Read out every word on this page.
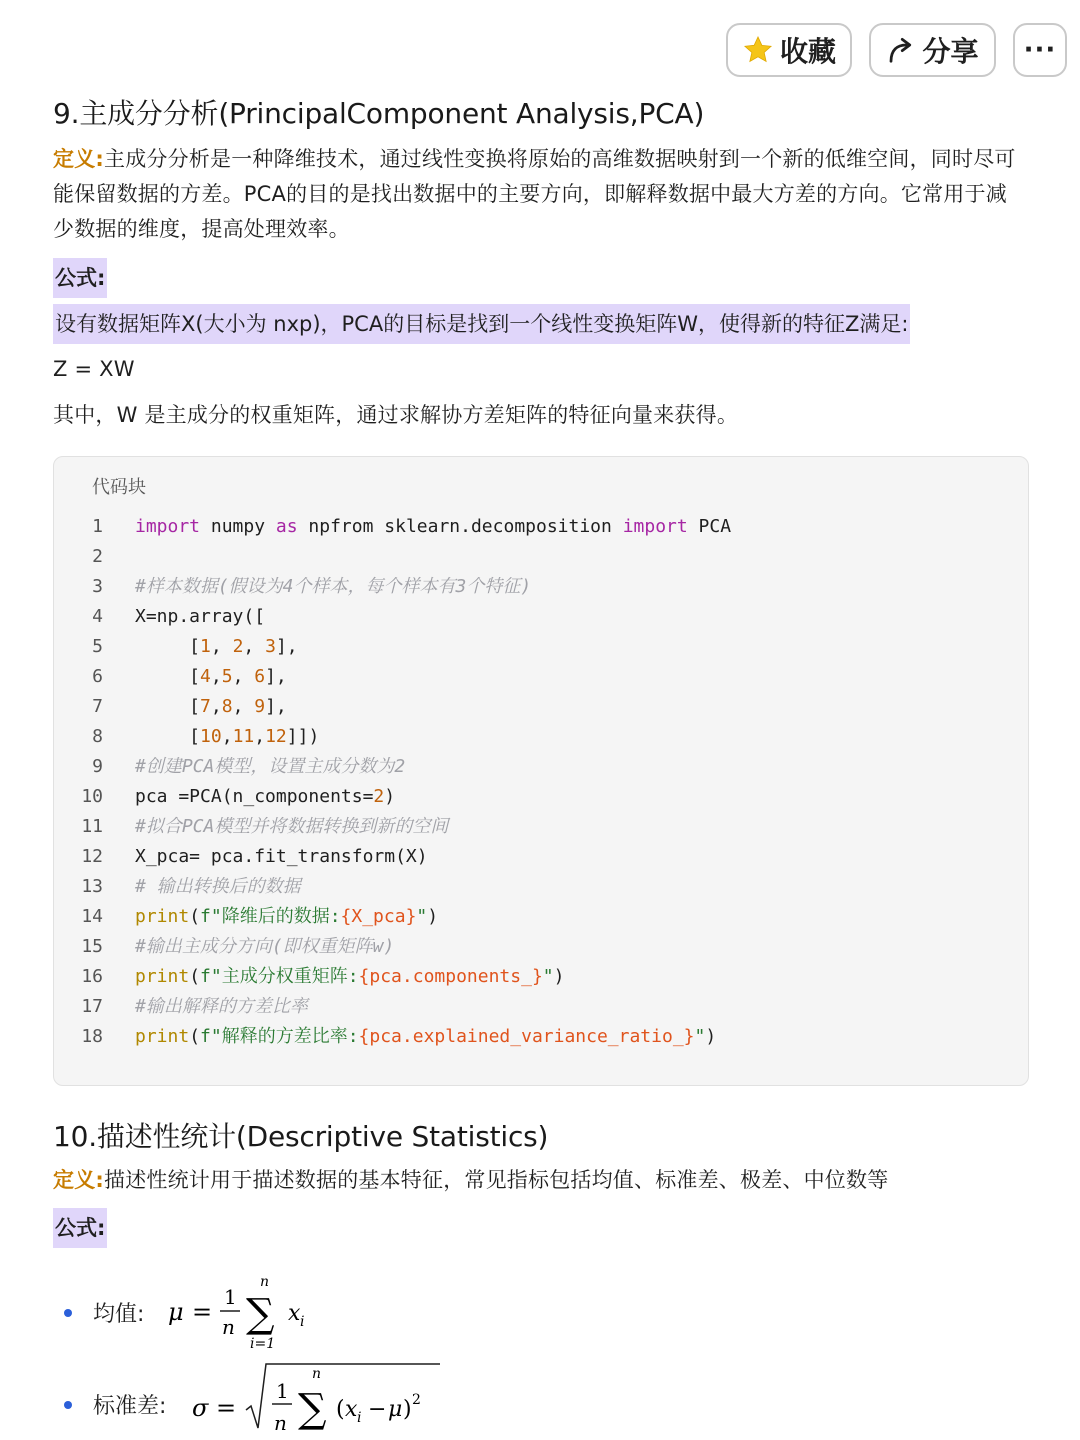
收藏	分享 ···
9.主成分分析(PrincipalComponent Analysis,PCA)
定义:主成分分析是一种降维技术，通过线性变换将原始的高维数据映射到一个新的低维空间，同时尽可能保留数据的方差。PCA的目的是找出数据中的主要方向，即解释数据中最大方差的方向。它常用于减少数据的维度，提高处理效率。
公式:
设有数据矩阵X(大小为 nxp)，PCA的目标是找到一个线性变换矩阵W，使得新的特征Z满足:
Z = XW
其中，W 是主成分的权重矩阵，通过求解协方差矩阵的特征向量来获得。
代码块
1 import numpy as npfrom sklearn.decomposition import PCA
2
3 #样本数据(假设为4个样本，每个样本有3个特征)
4 X=np.array([
5 [1, 2, 3],
6 [4,5, 6],
7 [7,8, 9],
8 [10,11,12]])
9 #创建PCA模型，设置主成分数为2
10 pca =PCA(n_components=2)
11 #拟合PCA模型并将数据转换到新的空间
12 X_pca= pca.fit_transform(X)
13 # 输出转换后的数据
14 print(f"降维后的数据:{X_pca}")
15 #输出主成分方向(即权重矩阵w)
16 print(f"主成分权重矩阵:{pca.components_}")
17 #输出解释的方差比率
18 print(f"解释的方差比率:{pca.explained_variance_ratio_}")
10.描述性统计(Descriptive Statistics)
定义:描述性统计用于描述数据的基本特征，常见指标包括均值、标准差、极差、中位数等
公式:
均值: μ =
1
n
n
∑
i=1
x i
标准差: σ =
1
n
n
∑ ( x i − μ ) 2
